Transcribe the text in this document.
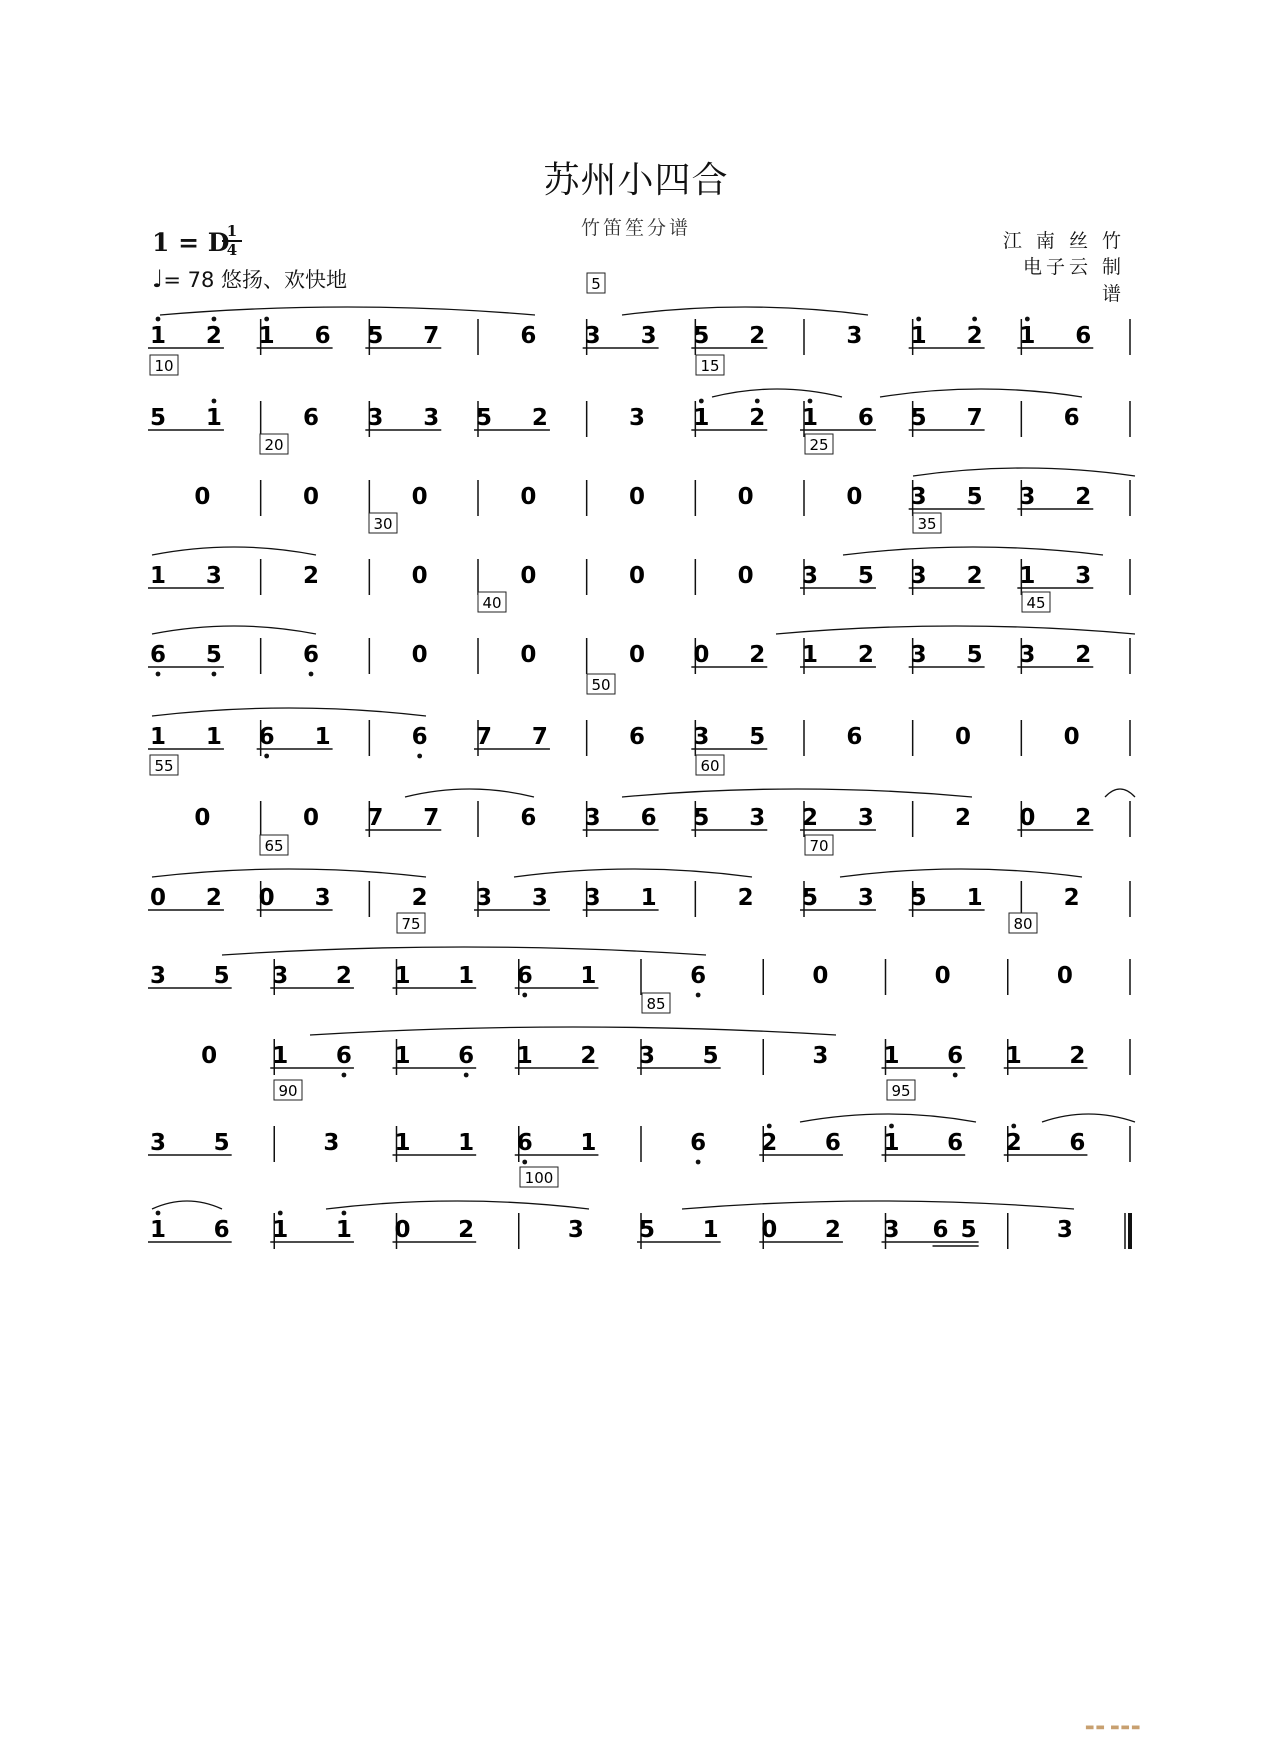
苏州小四合
竹笛笙分谱
1 = D
1
4
♩= 78 悠扬、欢快地
江 南 丝 竹
电子云 制谱
1 2 1 6 5 7	6 3 3 5 2	3 1 2 1 6
5 1	6 3 3 5 2	3 1 2 1 6 5 7	6
10
0	0	0	0	0	0	0 3 5 3 2
1 3	2	0	0	0	0 3 5 3 2 1 3
6 5	6	0	0	0 0 2 1 2 3 5 3 2
1 1 6 1	6 7 7	6 3 5	6	0	0
0	0 7 7	6 3 6 5 3 2 3	2 0 2
55
0 2 0 3	2 3 3 3 1	2 5 3 5 1	2
3 5 3 2 1 1 6 1	6	0	0	0
0 1 6 1 6 1 2 3 5	3 1 6 1 2
3 5	3 1 1 6 1	6 2 6 1 6 2 6
1 6 1 1 0 2	3 5 1 0 2 3 6 5	3
5
15
20	25
30	35
40	45
50
60
65	70
75	80
85
90	95
100
▬▬ ▬▬▬
